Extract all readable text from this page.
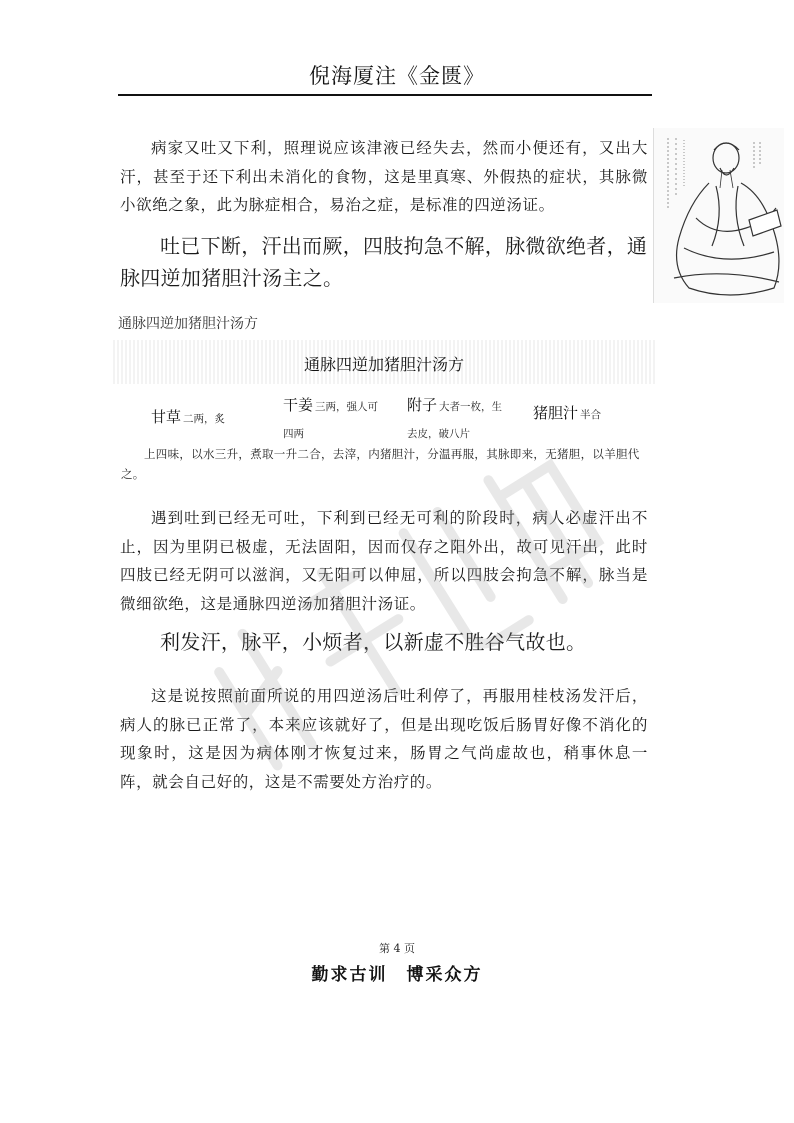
倪海厦注《金匮》

病家又吐又下利，照理说应该津液已经失去，然而小便还有，又出大汗，甚至于还下利出未消化的食物，这是里真寒、外假热的症状，其脉微小欲绝之象，此为脉症相合，易治之症，是标准的四逆汤证。

吐已下断，汗出而厥，四肢拘急不解，脉微欲绝者，通脉四逆加猪胆汁汤主之。

通脉四逆加猪胆汁汤方
通脉四逆加猪胆汁汤方
甘草 二两，炙
干姜 三两，强人可
四两
附子 大者一枚，生
去皮，破八片
猪胆汁 半合

上四味，以水三升，煮取一升二合，去滓，内猪胆汁，分温再服，其脉即来，无猪胆，以羊胆代之。

遇到吐到已经无可吐，下利到已经无可利的阶段时，病人必虚汗出不止，因为里阴已极虚，无法固阳，因而仅存之阳外出，故可见汗出，此时四肢已经无阴可以滋润，又无阳可以伸屈，所以四肢会拘急不解，脉当是微细欲绝，这是通脉四逆汤加猪胆汁汤证。

利发汗，脉平，小烦者，以新虚不胜谷气故也。

这是说按照前面所说的用四逆汤后吐利停了，再服用桂枝汤发汗后，病人的脉已正常了，本来应该就好了，但是出现吃饭后肠胃好像不消化的现象时，这是因为病体刚才恢复过来，肠胃之气尚虚故也，稍事休息一阵，就会自己好的，这是不需要处方治疗的。

第 4 页
勤求古训　博采众方
